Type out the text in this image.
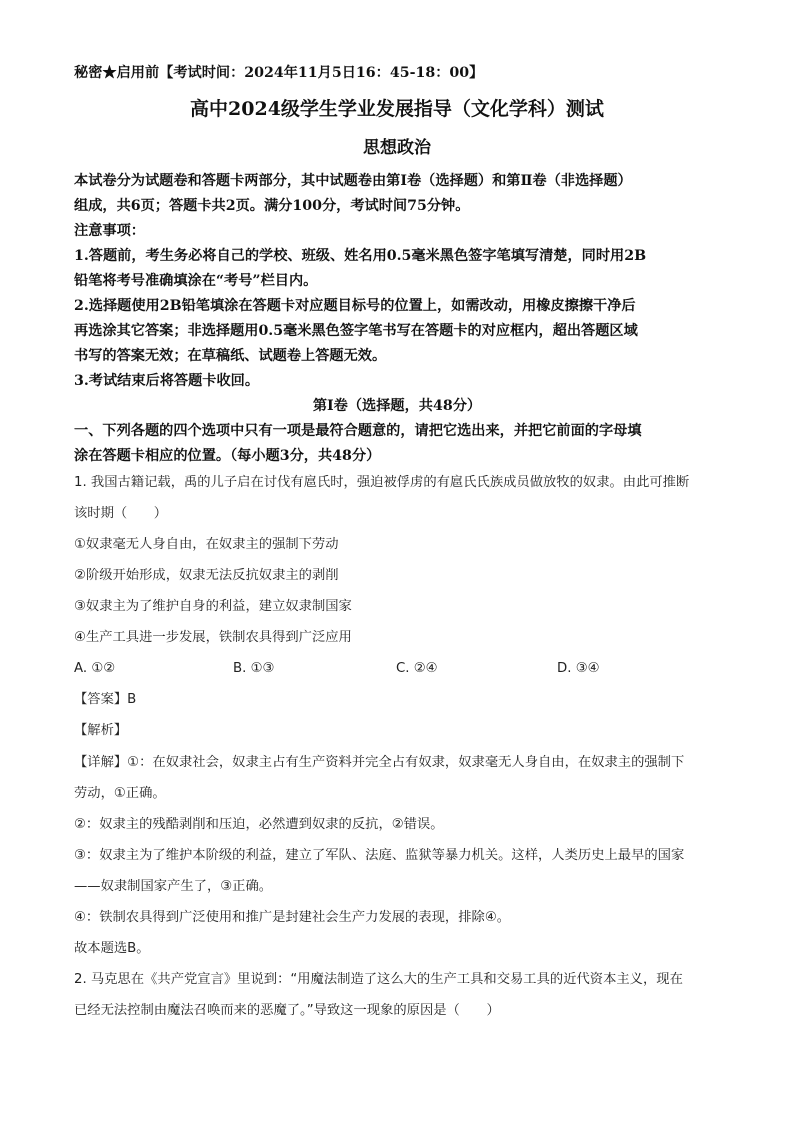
秘密★启用前【考试时间：2024年11月5日16：45-18：00】
高中2024级学生学业发展指导（文化学科）测试
思想政治
本试卷分为试题卷和答题卡两部分，其中试题卷由第Ⅰ卷（选择题）和第Ⅱ卷（非选择题）
组成，共6页；答题卡共2页。满分100分，考试时间75分钟。
注意事项：
1.答题前，考生务必将自己的学校、班级、姓名用0.5毫米黑色签字笔填写清楚，同时用2B
铅笔将考号准确填涂在“考号”栏目内。
2.选择题使用2B铅笔填涂在答题卡对应题目标号的位置上，如需改动，用橡皮擦擦干净后
再选涂其它答案；非选择题用0.5毫米黑色签字笔书写在答题卡的对应框内，超出答题区域
书写的答案无效；在草稿纸、试题卷上答题无效。
3.考试结束后将答题卡收回。
第Ⅰ卷（选择题，共48分）
一、下列各题的四个选项中只有一项是最符合题意的，请把它选出来，并把它前面的字母填
涂在答题卡相应的位置。（每小题3分，共48分）
1. 我国古籍记载，禹的儿子启在讨伐有扈氏时，强迫被俘虏的有扈氏氏族成员做放牧的奴隶。由此可推断
该时期（　　）
①奴隶毫无人身自由，在奴隶主的强制下劳动
②阶级开始形成，奴隶无法反抗奴隶主的剥削
③奴隶主为了维护自身的利益，建立奴隶制国家
④生产工具进一步发展，铁制农具得到广泛应用
A. ①②	B. ①③	C. ②④	D. ③④
【答案】B
【解析】
【详解】①：在奴隶社会，奴隶主占有生产资料并完全占有奴隶，奴隶毫无人身自由，在奴隶主的强制下
劳动，①正确。
②：奴隶主的残酷剥削和压迫，必然遭到奴隶的反抗，②错误。
③：奴隶主为了维护本阶级的利益，建立了军队、法庭、监狱等暴力机关。这样，人类历史上最早的国家
——奴隶制国家产生了，③正确。
④：铁制农具得到广泛使用和推广是封建社会生产力发展的表现，排除④。
故本题选B。
2. 马克思在《共产党宣言》里说到：“用魔法制造了这么大的生产工具和交易工具的近代资本主义，现在
已经无法控制由魔法召唤而来的恶魔了。”导致这一现象的原因是（　　）
